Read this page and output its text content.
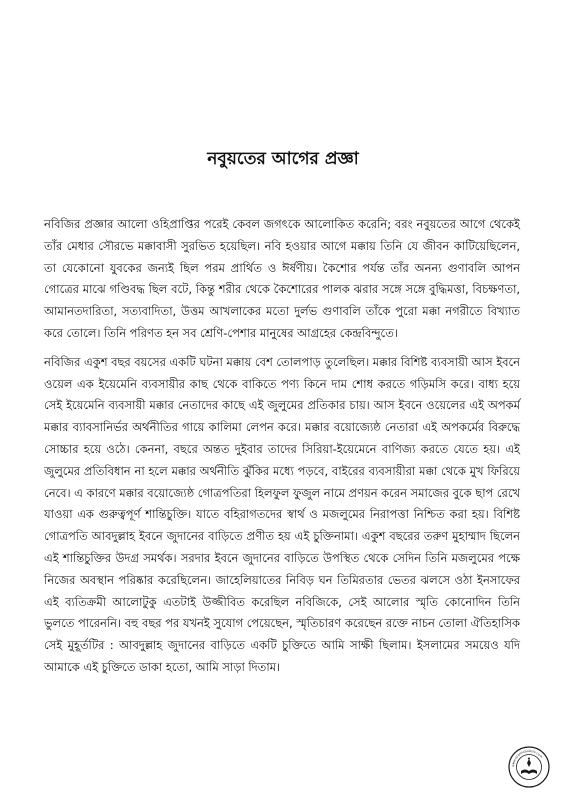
নবুয়তের আগের প্রজ্ঞা

নবিজির প্রজ্ঞার আলো ওহিপ্রাপ্তির পরেই কেবল জগৎকে আলোকিত করেনি; বরং নবুয়তের আগে থেকেই তাঁর মেধার সৌরভে মক্কাবাসী সুরভিত হয়েছিল। নবি হওয়ার আগে মক্কায় তিনি যে জীবন কাটিয়েছিলেন, তা যেকোনো যুবকের জন্যই ছিল পরম প্রার্থিত ও ঈর্ষণীয়। কৈশোর পর্যন্ত তাঁর অনন্য গুণাবলি আপন গোত্রের মাঝে গণ্ডিবদ্ধ ছিল বটে, কিন্তু শরীর থেকে কৈশোরের পালক ঝরার সঙ্গে সঙ্গে বুদ্ধিমত্তা, বিচক্ষণতা, আমানতদারিতা, সত্যবাদিতা, উত্তম আখলাকের মতো দুর্লভ গুণাবলি তাঁকে পুরো মক্কা নগরীতে বিখ্যাত করে তোলে। তিনি পরিণত হন সব শ্রেণি-পেশার মানুষের আগ্রহের কেন্দ্রবিন্দুতে।

নবিজির একুশ বছর বয়সের একটি ঘটনা মক্কায় বেশ তোলপাড় তুলেছিল। মক্কার বিশিষ্ট ব্যবসায়ী আস ইবনে ওয়েল এক ইয়েমেনি ব্যবসায়ীর কাছ থেকে বাকিতে পণ্য কিনে দাম শোধ করতে গড়িমসি করে। বাধ্য হয়ে সেই ইয়েমেনি ব্যবসায়ী মক্কার নেতাদের কাছে এই জুলুমের প্রতিকার চায়। আস ইবনে ওয়েলের এই অপকর্ম মক্কার ব্যাবসানির্ভর অর্থনীতির গায়ে কালিমা লেপন করে। মক্কার বয়োজ্যেষ্ঠ নেতারা এই অপকর্মের বিরুদ্ধে সোচ্চার হয়ে ওঠে। কেননা, বছরে অন্তত দুইবার তাদের সিরিয়া-ইয়েমেনে বাণিজ্য করতে যেতে হয়। এই জুলুমের প্রতিবিধান না হলে মক্কার অর্থনীতি ঝুঁকির মধ্যে পড়বে, বাইরের ব্যবসায়ীরা মক্কা থেকে মুখ ফিরিয়ে নেবে। এ কারণে মক্কার বয়োজ্যেষ্ঠ গোত্রপতিরা হিলফুল ফুজুল নামে প্রণয়ন করেন সমাজের বুকে ছাপ রেখে যাওয়া এক গুরুত্বপূর্ণ শান্তিচুক্তি। যাতে বহিরাগতদের স্বার্থ ও মজলুমের নিরাপত্তা নিশ্চিত করা হয়। বিশিষ্ট গোত্রপতি আবদুল্লাহ ইবনে জুদানের বাড়িতে প্রণীত হয় এই চুক্তিনামা। একুশ বছরের তরুণ মুহাম্মাদ ছিলেন এই শান্তিচুক্তির উদগ্র সমর্থক। সরদার ইবনে জুদানের বাড়িতে উপস্থিত থেকে সেদিন তিনি মজলুমের পক্ষে নিজের অবস্থান পরিষ্কার করেছিলেন। জাহেলিয়াতের নিবিড় ঘন তিমিরতার ভেতর ঝলসে ওঠা ইনসাফের এই ব্যতিক্রমী আলোটুকু এতটাই উজ্জীবিত করেছিল নবিজিকে, সেই আলোর স্মৃতি কোনোদিন তিনি ভুলতে পারেননি। বহু বছর পর যখনই সুযোগ পেয়েছেন, স্মৃতিচারণ করেছেন রক্তে নাচন তোলা ঐতিহাসিক সেই মুহূর্তটির : আবদুল্লাহ জুদানের বাড়িতে একটি চুক্তিতে আমি সাক্ষী ছিলাম। ইসলামের সময়েও যদি আমাকে এই চুক্তিতে ডাকা হতো, আমি সাড়া দিতাম।

www.islamicboiinfo.com
